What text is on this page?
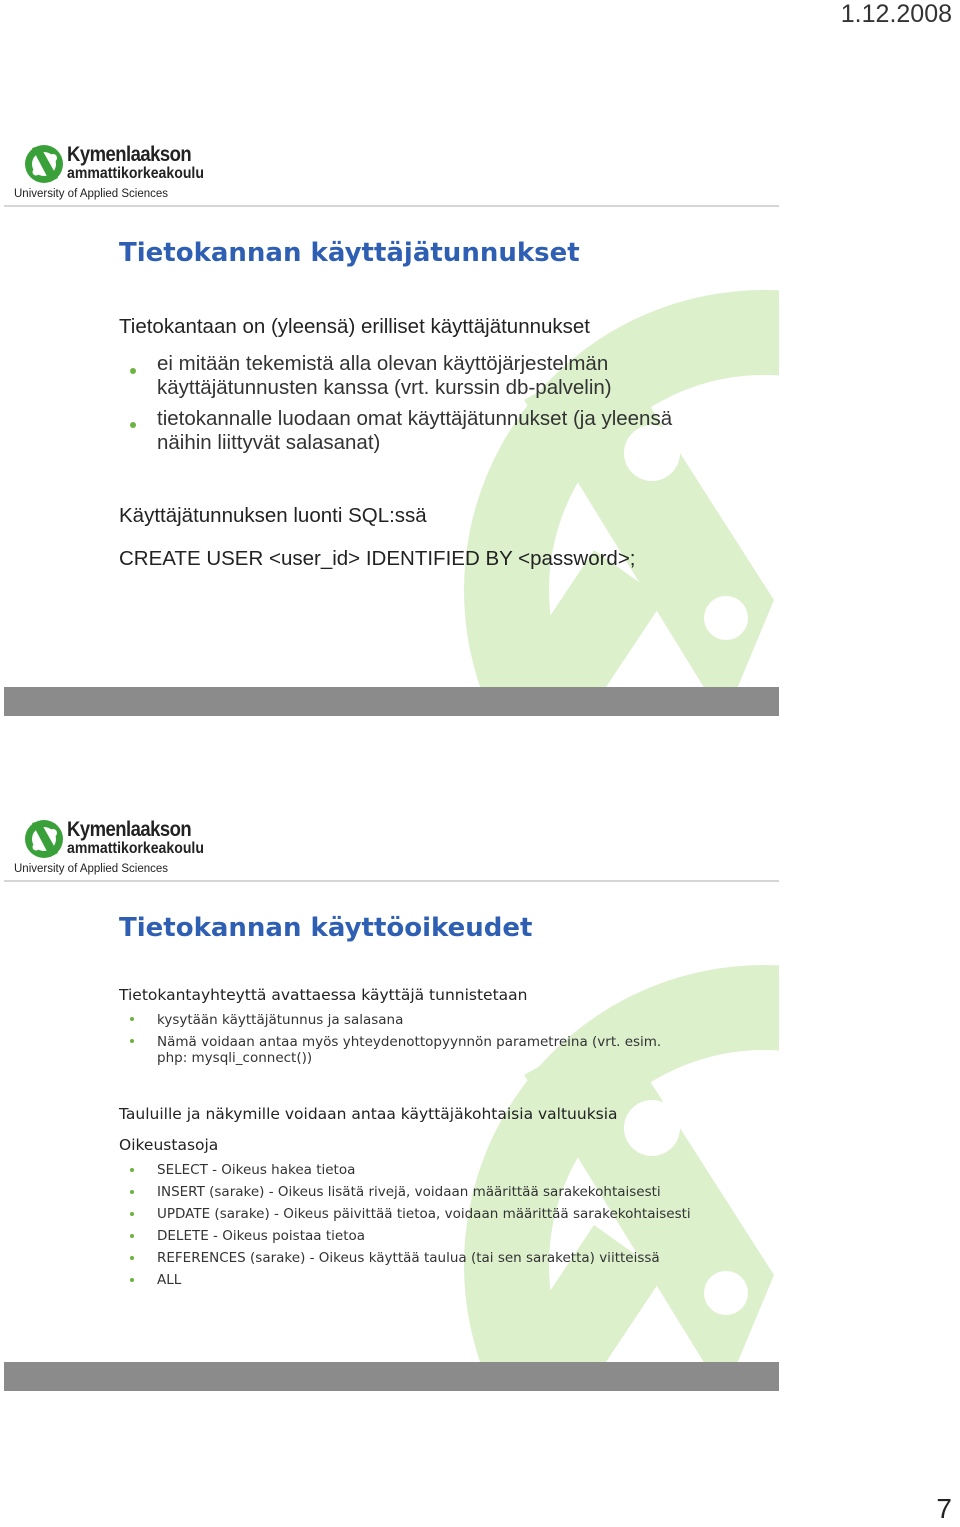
1.12.2008
Kymenlaakson
ammattikorkeakoulu
University of Applied Sciences
Tietokannan käyttäjätunnukset
Tietokantaan on (yleensä) erilliset käyttäjätunnukset
ei mitään tekemistä alla olevan käyttöjärjestelmän
käyttäjätunnusten kanssa (vrt. kurssin db-palvelin)
tietokannalle luodaan omat käyttäjätunnukset (ja yleensä
näihin liittyvät salasanat)
Käyttäjätunnuksen luonti SQL:ssä
CREATE USER <user_id> IDENTIFIED BY <password>;
Kymenlaakson
ammattikorkeakoulu
University of Applied Sciences
Tietokannan käyttöoikeudet
Tietokantayhteyttä avattaessa käyttäjä tunnistetaan
kysytään käyttäjätunnus ja salasana
Nämä voidaan antaa myös yhteydenottopyynnön parametreina (vrt. esim.
php: mysqli_connect())
Tauluille ja näkymille voidaan antaa käyttäjäkohtaisia valtuuksia
Oikeustasoja
SELECT - Oikeus hakea tietoa
INSERT (sarake) - Oikeus lisätä rivejä, voidaan määrittää sarakekohtaisesti
UPDATE (sarake) - Oikeus päivittää tietoa, voidaan määrittää sarakekohtaisesti
DELETE - Oikeus poistaa tietoa
REFERENCES (sarake) - Oikeus käyttää taulua (tai sen saraketta) viitteissä
ALL
7
